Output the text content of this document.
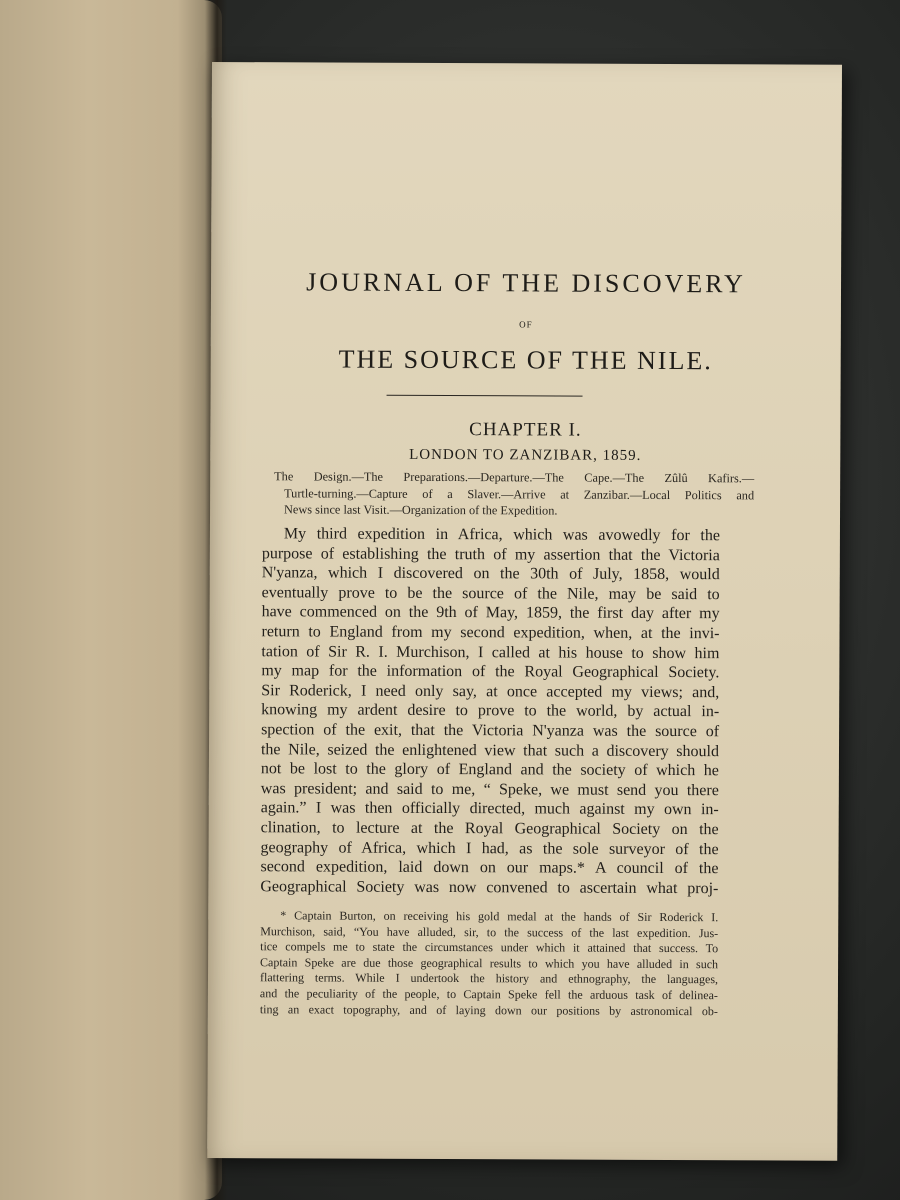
JOURNAL OF THE DISCOVERY
OF
THE SOURCE OF THE NILE.
CHAPTER I.
LONDON TO ZANZIBAR, 1859.
The Design.—The Preparations.—Departure.—The Cape.—The Zûlû Kafirs.—
Turtle-turning.—Capture of a Slaver.—Arrive at Zanzibar.—Local Politics and
News since last Visit.—Organization of the Expedition.
My third expedition in Africa, which was avowedly for the
purpose of establishing the truth of my assertion that the Victoria
N'yanza, which I discovered on the 30th of July, 1858, would
eventually prove to be the source of the Nile, may be said to
have commenced on the 9th of May, 1859, the first day after my
return to England from my second expedition, when, at the invi-
tation of Sir R. I. Murchison, I called at his house to show him
my map for the information of the Royal Geographical Society.
Sir Roderick, I need only say, at once accepted my views; and,
knowing my ardent desire to prove to the world, by actual in-
spection of the exit, that the Victoria N'yanza was the source of
the Nile, seized the enlightened view that such a discovery should
not be lost to the glory of England and the society of which he
was president; and said to me, “ Speke, we must send you there
again.” I was then officially directed, much against my own in-
clination, to lecture at the Royal Geographical Society on the
geography of Africa, which I had, as the sole surveyor of the
second expedition, laid down on our maps.* A council of the
Geographical Society was now convened to ascertain what proj-
* Captain Burton, on receiving his gold medal at the hands of Sir Roderick I.
Murchison, said, “You have alluded, sir, to the success of the last expedition. Jus-
tice compels me to state the circumstances under which it attained that success. To
Captain Speke are due those geographical results to which you have alluded in such
flattering terms. While I undertook the history and ethnography, the languages,
and the peculiarity of the people, to Captain Speke fell the arduous task of delinea-
ting an exact topography, and of laying down our positions by astronomical ob-
